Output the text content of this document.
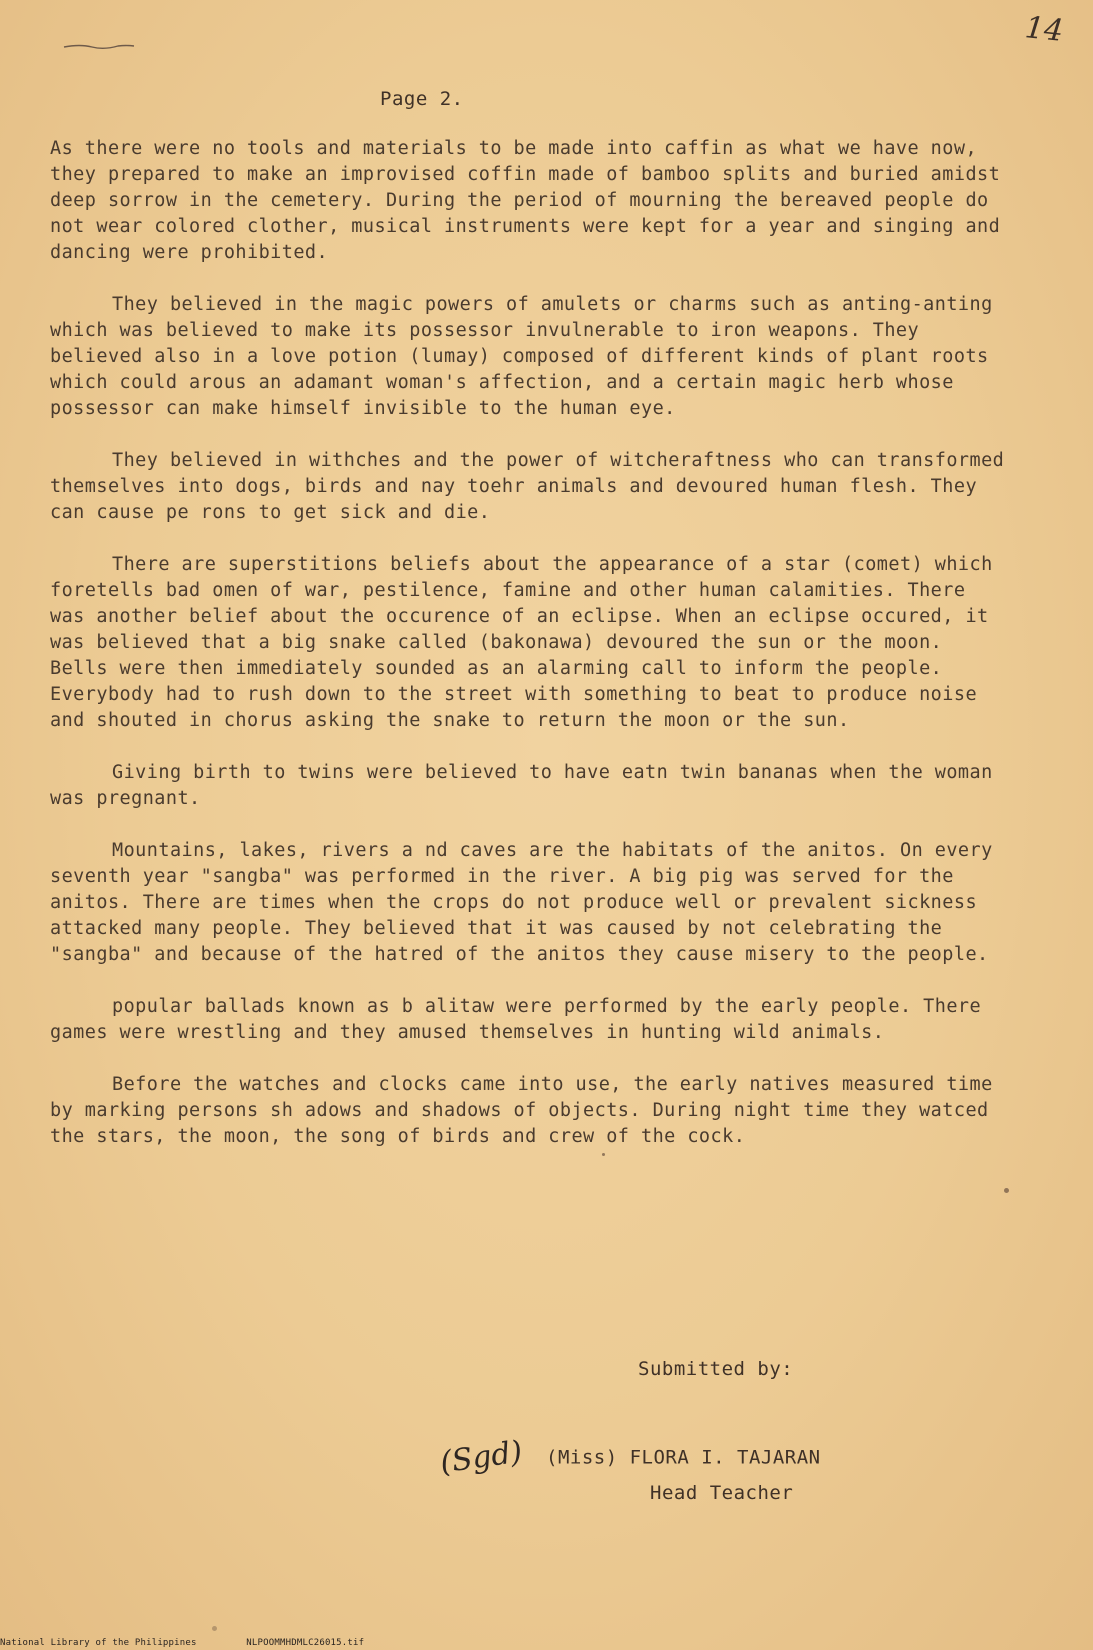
14
Page 2.

As there were no tools and materials to be made into caffin as what we have now, they prepared to make an improvised coffin made of bamboo splits and buried amidst deep sorrow in the cemetery. During the period of mourning the bereaved people do not wear colored clother, musical instruments were kept for a year and singing and dancing were prohibited.

They believed in the magic powers of amulets or charms such as anting-anting which was believed to make its possessor invulnerable to iron weapons. They believed also in a love potion (lumay) composed of different kinds of plant roots which could arous an adamant woman's affection, and a certain magic herb whose possessor can make himself invisible to the human eye.

They believed in withches and the power of witcheraftness who can transformed themselves into dogs, birds and nay toehr animals and devoured human flesh. They can cause pe rons to get sick and die.

There are superstitions beliefs about the appearance of a star (comet) which foretells bad omen of war, pestilence, famine and other human calamities. There was another belief about the occurence of an eclipse. When an eclipse occured, it was believed that a big snake called (bakonawa) devoured the sun or the moon. Bells were then immediately sounded as an alarming call to inform the people. Everybody had to rush down to the street with something to beat to produce noise and shouted in chorus asking the snake to return the moon or the sun.

Giving birth to twins were believed to have eatn twin bananas when the woman was pregnant.

Mountains, lakes, rivers a nd caves are the habitats of the anitos. On every seventh year "sangba" was performed in the river. A big pig was served for the anitos. There are times when the crops do not produce well or prevalent sickness attacked many people. They believed that it was caused by not celebrating the "sangba" and because of the hatred of the anitos they cause misery to the people.

popular ballads known as b alitaw were performed by the early people. There games were wrestling and they amused themselves in hunting wild animals.

Before the watches and clocks came into use, the early natives measured time by marking persons sh adows and shadows of objects. During night time they watced the stars, the moon, the song of birds and crew of the cock.

Submitted by:
(Sgd) (Miss) FLORA I. TAJARAN
Head Teacher
National Library of the Philippines	NLPOOMMHDMLC26015.tif
